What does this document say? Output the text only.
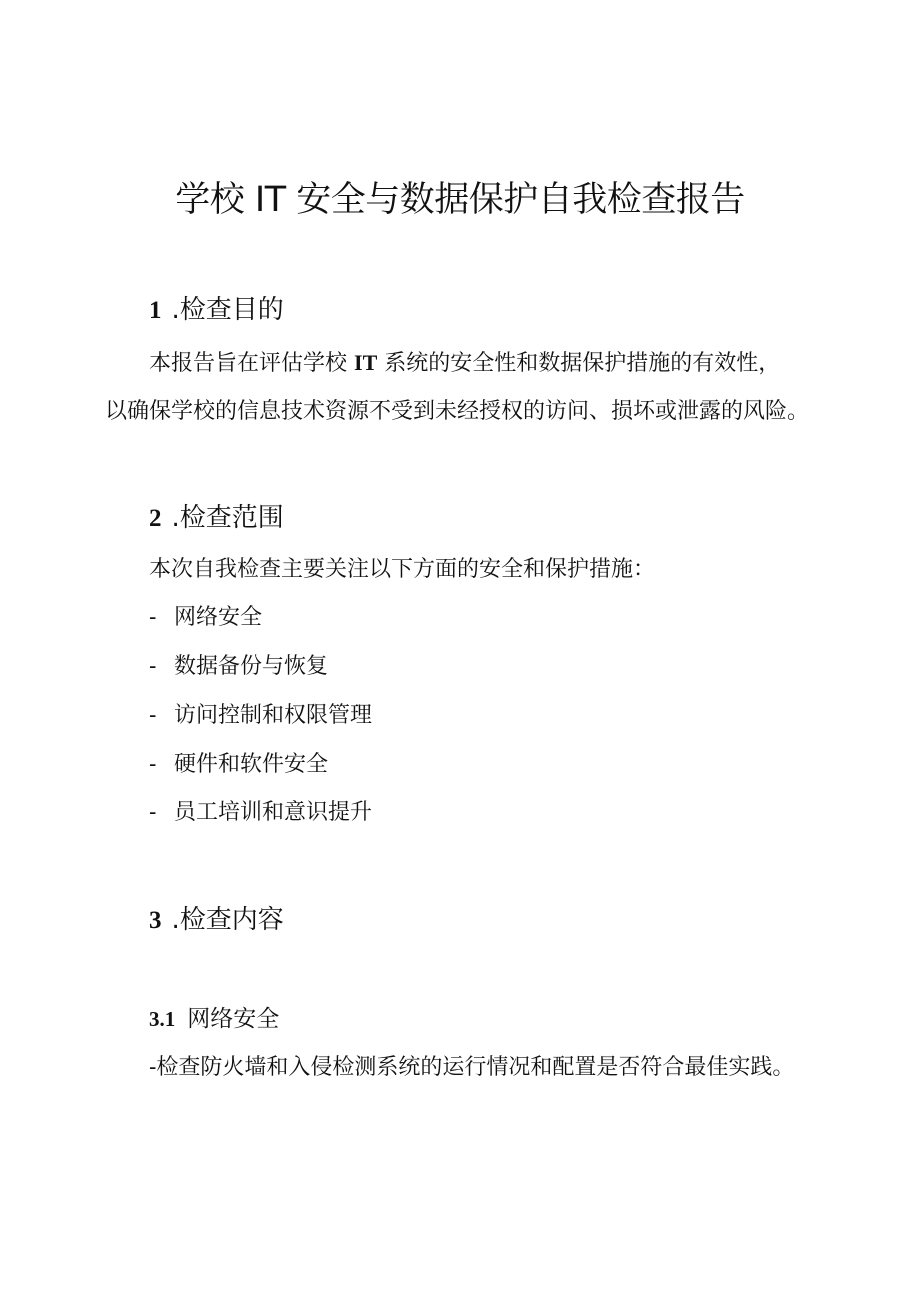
学校 IT 安全与数据保护自我检查报告
1 .检查目的

本报告旨在评估学校 IT 系统的安全性和数据保护措施的有效性，

以确保学校的信息技术资源不受到未经授权的访问、损坏或泄露的风险。

2 .检查范围

本次自我检查主要关注以下方面的安全和保护措施：

- 网络安全
- 数据备份与恢复
- 访问控制和权限管理
- 硬件和软件安全
- 员工培训和意识提升
3 .检查内容
3.1 网络安全

-检查防火墙和入侵检测系统的运行情况和配置是否符合最佳实践。
